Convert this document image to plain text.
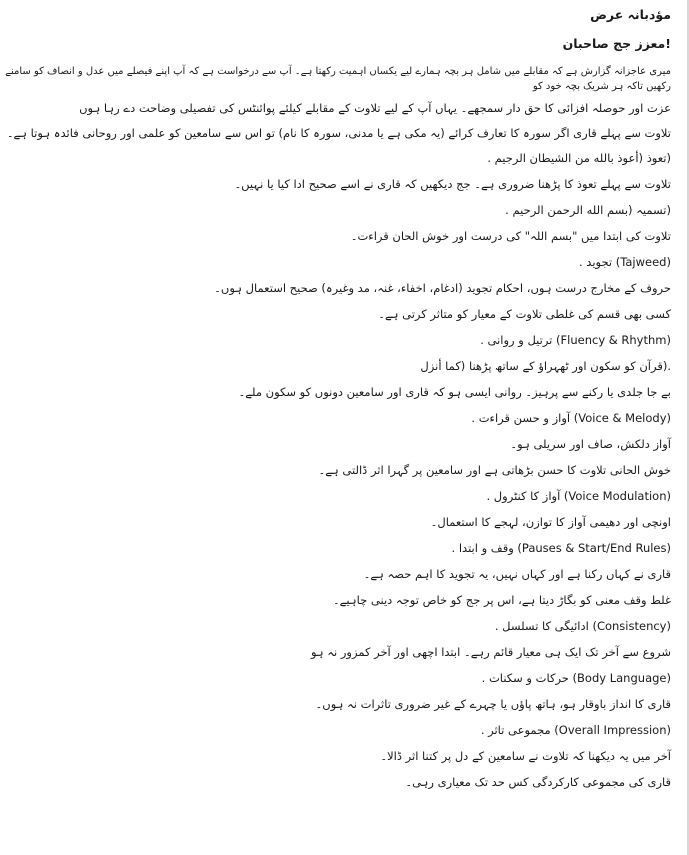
مؤدبانہ عرض
!معزز جج صاحبان
میری عاجزانہ گزارش ہے کہ مقابلے میں شامل ہر بچہ ہمارے لیے یکساں اہمیت رکھتا ہے۔ آپ سے درخواست ہے کہ آپ اپنے فیصلے میں عدل و انصاف کو سامنے رکھیں تاکہ ہر شریک بچہ خود کو
عزت اور حوصلہ افزائی کا حق دار سمجھے۔ یہاں آپ کے لیے تلاوت کے مقابلے کیلئے پوائنٹس کی تفصیلی وضاحت دے رہا ہوں
تلاوت سے پہلے قاری اگر سورہ کا تعارف کرائے (یہ مکی ہے یا مدنی، سورہ کا نام) تو اس سے سامعین کو علمی اور روحانی فائدہ ہوتا ہے۔
(تعوذ (أعوذ بالله من الشيطان الرجيم .
تلاوت سے پہلے تعوذ کا پڑھنا ضروری ہے۔ جج دیکھیں کہ قاری نے اسے صحیح ادا کیا یا نہیں۔
(تسمیہ (بسم الله الرحمن الرحيم .
تلاوت کی ابتدا میں "بسم اللہ" کی درست اور خوش الحان قراءت۔
(Tajweed) تجوید .
حروف کے مخارج درست ہوں، احکام تجوید (ادغام، اخفاء، غنہ، مد وغیرہ) صحیح استعمال ہوں۔
کسی بھی قسم کی غلطی تلاوت کے معیار کو متاثر کرتی ہے۔
(Fluency & Rhythm) ترتیل و روانی .
.(قرآن کو سکون اور ٹھہراؤ کے ساتھ پڑھنا (کما أنزل
بے جا جلدی یا رکنے سے پرہیز۔ روانی ایسی ہو کہ قاری اور سامعین دونوں کو سکون ملے۔
(Voice & Melody) آواز و حسن قراءت .
آواز دلکش، صاف اور سریلی ہو۔
خوش الحانی تلاوت کا حسن بڑھاتی ہے اور سامعین پر گہرا اثر ڈالتی ہے۔
(Voice Modulation) آواز کا کنٹرول .
اونچی اور دھیمی آواز کا توازن، لہجے کا استعمال۔
(Pauses & Start/End Rules) وقف و ابتدا .
قاری نے کہاں رکنا ہے اور کہاں نہیں، یہ تجوید کا اہم حصہ ہے۔
غلط وقف معنی کو بگاڑ دیتا ہے، اس پر جج کو خاص توجہ دینی چاہیے۔
(Consistency) ادائیگی کا تسلسل .
شروع سے آخر تک ایک ہی معیار قائم رہے۔ ابتدا اچھی اور آخر کمزور نہ ہو
(Body Language) حرکات و سکنات .
قاری کا انداز باوقار ہو، ہاتھ پاؤں یا چہرے کے غیر ضروری تاثرات نہ ہوں۔
(Overall Impression) مجموعی تاثر .
آخر میں یہ دیکھنا کہ تلاوت نے سامعین کے دل پر کتنا اثر ڈالا۔
قاری کی مجموعی کارکردگی کس حد تک معیاری رہی۔
